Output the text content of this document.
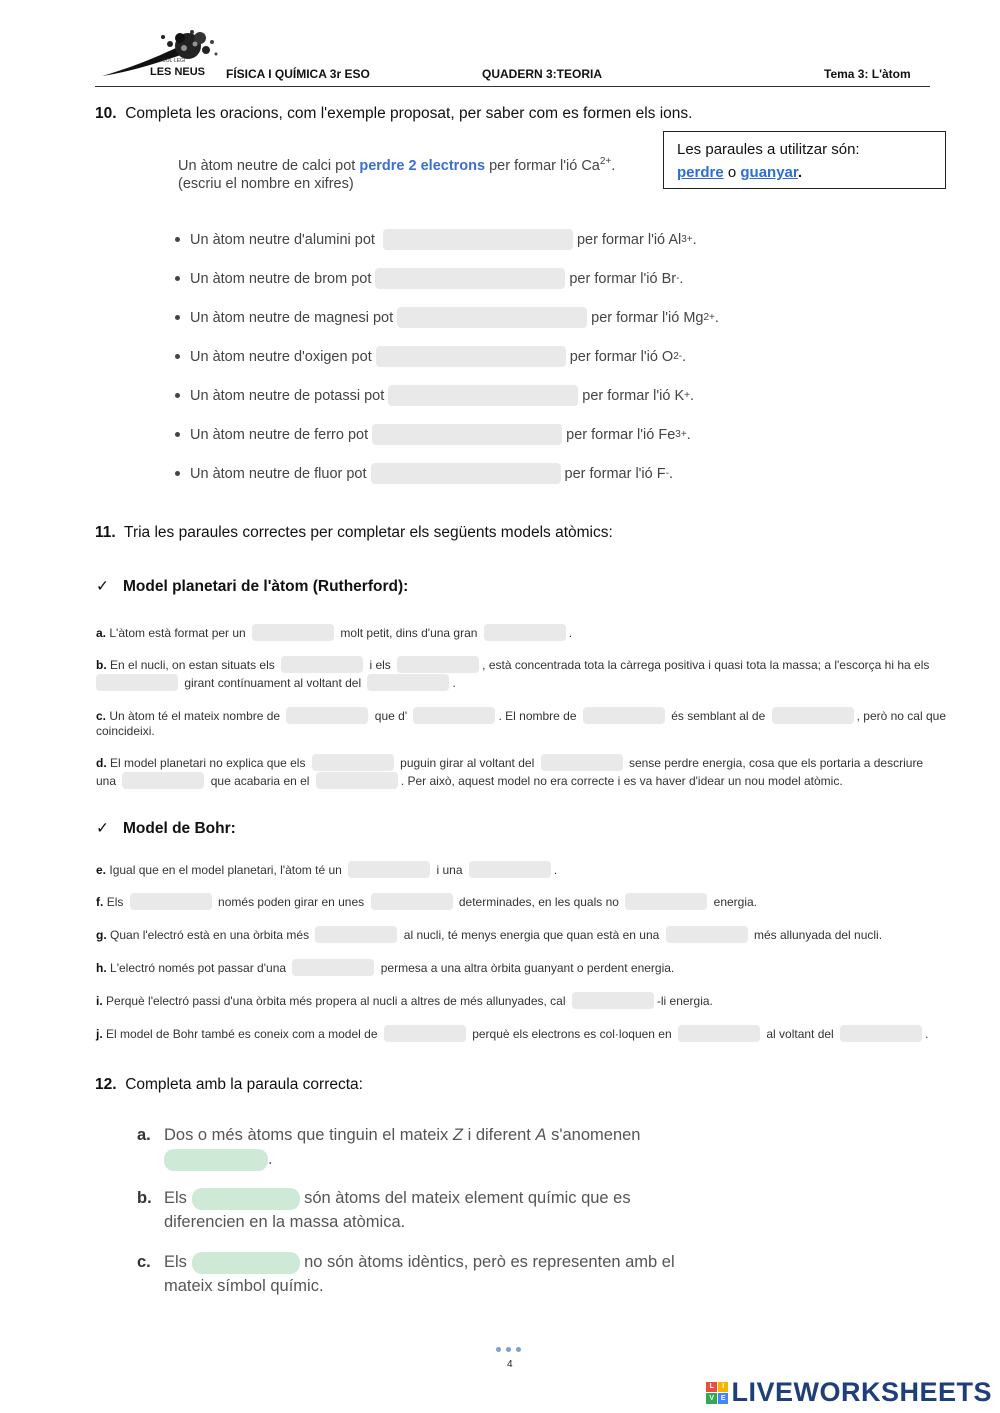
COL·LEGI
LES NEUS FÍSICA I QUÍMICA 3r ESO	QUADERN 3:TEORIA	Tema 3: L'àtom
10. Completa les oracions, com l'exemple proposat, per saber com es formen els ions.
Un àtom neutre de calci pot perdre 2 electrons per formar l'ió $Ca^{2+}$.
(escriu el nombre en xifres)
Les paraules a utilitzar són:
perdre o guanyar.
Un àtom neutre d'alumini pot	per formar l'ió Al 3+ .
Un àtom neutre de brom pot	per formar l'ió Br - .
Un àtom neutre de magnesi pot	per formar l'ió Mg 2+ .
Un àtom neutre d'oxigen pot	per formar l'ió O 2- .
Un àtom neutre de potassi pot	per formar l'ió K + .
Un àtom neutre de ferro pot	per formar l'ió Fe 3+ .
Un àtom neutre de fluor pot	per formar l'ió F - .
11. Tria les paraules correctes per completar els següents models atòmics:
✓ Model planetari de l'àtom (Rutherford):
a. L'àtom està format per un	molt petit, dins d'una gran	.
b. En el nucli, on estan situats els	i els	, està concentrada tota la càrrega positiva i quasi tota la massa; a l'escorça hi ha els
girant contínuament al voltant del	.
c. Un àtom té el mateix nombre de	que d'	. El nombre de	és semblant al de	, però no cal que
coincideixi.
d. El model planetari no explica que els	puguin girar al voltant del	sense perdre energia, cosa que els portaria a descriure
una	que acabaria en el	. Per això, aquest model no era correcte i es va haver d'idear un nou model atòmic.
✓ Model de Bohr:
e. Igual que en el model planetari, l'àtom té un	i una	.
f. Els	només poden girar en unes	determinades, en les quals no	energia.
g. Quan l'electró està en una òrbita més	al nucli, té menys energia que quan està en una	més allunyada del nucli.
h. L'electró només pot passar d'una	permesa a una altra òrbita guanyant o perdent energia.
i. Perquè l'electró passi d'una òrbita més propera al nucli a altres de més allunyades, cal	-li energia.
j. El model de Bohr també es coneix com a model de	perquè els electrons es col·loquen en	al voltant del	.
12. Completa amb la paraula correcta:
a. Dos o més àtoms que tinguin el mateix Z i diferent A s'anomenen
.
b. Els	són àtoms del mateix element químic que es
diferencien en la massa atòmica.
c. Els	no són àtoms idèntics, però es representen amb el
mateix símbol químic.
4
L	I
V E LIVEWORKSHEETS
